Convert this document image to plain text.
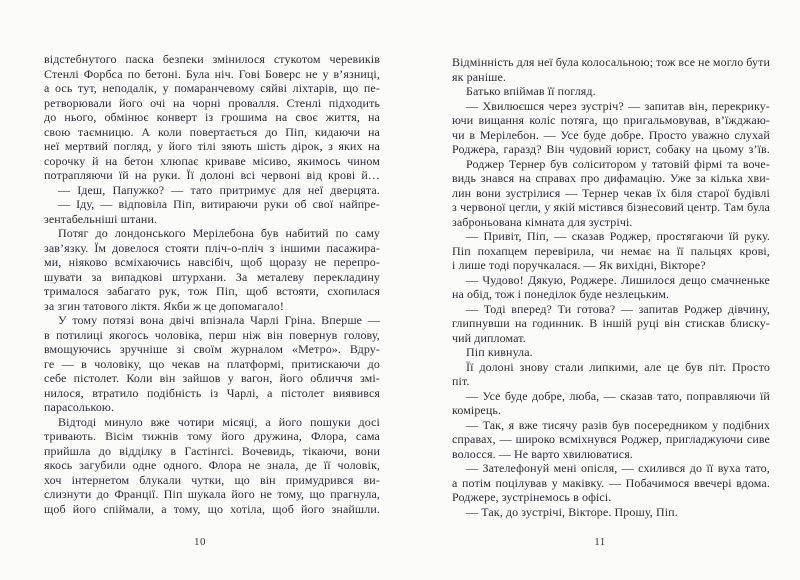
відстебнутого паска безпеки змінилося стукотом черевиків
Стенлі Форбса по бетоні. Була ніч. Гові Боверс не у в’язниці,
а ось тут, неподалік, у помаранчевому сяйві ліхтарів, що пе-
ретворювали його очі на чорні провалля. Стенлі підходить
до нього, обмінює конверт із грошима на своє життя, на
свою таємницю. А коли повертається до Піп, кидаючи на
неї мертвий погляд, у його тілі зяють шість дірок, з яких на
сорочку й на бетон хлюпає криваве місиво, якимось чином
потрапляючи їй на руки. Її долоні всі червоні від крові й…
— Ідеш, Папужко? — тато притримує для неї дверцята.
— Іду, — відповіла Піп, витираючи руки об свої найпре-
зентабельніші штани.
Потяг до лондонського Мерілебона був набитий по саму
зав’язку. Їм довелося стояти пліч-о-пліч з іншими пасажира-
ми, ніяково всміхаючись навсібіч, щоб щоразу не перепро-
шувати за випадкові штурхани. За металеву перекладину
трималося забагато рук, тож Піп, щоб встояти, схопилася
за згин татового ліктя. Якби ж це допомагало!
У тому потязі вона двічі впізнала Чарлі Гріна. Вперше —
в потилиці якогось чоловіка, перш ніж він повернув голову,
вмощуючись зручніше зі своїм журналом «Метро». Вдру-
ге — в чоловіку, що чекав на платформі, притискаючи до
себе пістолет. Коли він зайшов у вагон, його обличчя змі-
нилося, втратило подібність із Чарлі, а пістолет виявився
парасолькою.
Відтоді минуло вже чотири місяці, а його пошуки досі
тривають. Вісім тижнів тому його дружина, Флора, сама
прийшла до відділку в Гастінґсі. Вочевидь, тікаючи, вони
якось загубили одне одного. Флора не знала, де її чоловік,
хоч інтернетом блукали чутки, що він примудрився ви-
слизнути до Франції. Піп шукала його не тому, що прагнула,
щоб його спіймали, а тому, що хотіла, щоб його знайшли.
Відмінність для неї була колосальною; тож все не могло бути
як раніше.
Батько впіймав її погляд.
— Хвилюєшся через зустріч? — запитав він, перекрику-
ючи вищання коліс потяга, що пригальмовував, в’їжджаю-
чи в Мерілебон. — Усе буде добре. Просто уважно слухай
Роджера, гаразд? Він чудовий юрист, собаку на цьому з’їв.
Роджер Тернер був соліситором у татовій фірмі та воче-
видь знався на справах про дифамацію. Уже за кілька хви-
лин вони зустрілися — Тернер чекав їх біля старої будівлі
з червоної цегли, у якій містився бізнесовий центр. Там була
заброньована кімната для зустрічі.
— Привіт, Піп, — сказав Роджер, простягаючи їй руку.
Піп похапцем перевірила, чи немає на її пальцях крові,
і лише тоді поручкалася. — Як вихідні, Вікторе?
— Чудово! Дякую, Роджере. Лишилося дещо смачненьке
на обід, тож і понеділок буде незлецьким.
— Тоді вперед? Ти готова? — запитав Роджер дівчину,
глипнувши на годинник. В іншій руці він стискав блиску-
чий дипломат.
Піп кивнула.
Її долоні знову стали липкими, але це був піт. Просто
піт.
— Усе буде добре, люба, — сказав тато, поправляючи їй
комірець.
— Так, я вже тисячу разів був посередником у подібних
справах, — широко всміхнувся Роджер, пригладжуючи сиве
волосся. — Не варто хвилюватися.
— Зателефонуй мені опісля, — схилився до її вуха тато,
а потім поцілував у маківку. — Побачимося ввечері вдома.
Роджере, зустрінемось в офісі.
— Так, до зустрічі, Вікторе. Прошу, Піп.
10	11
